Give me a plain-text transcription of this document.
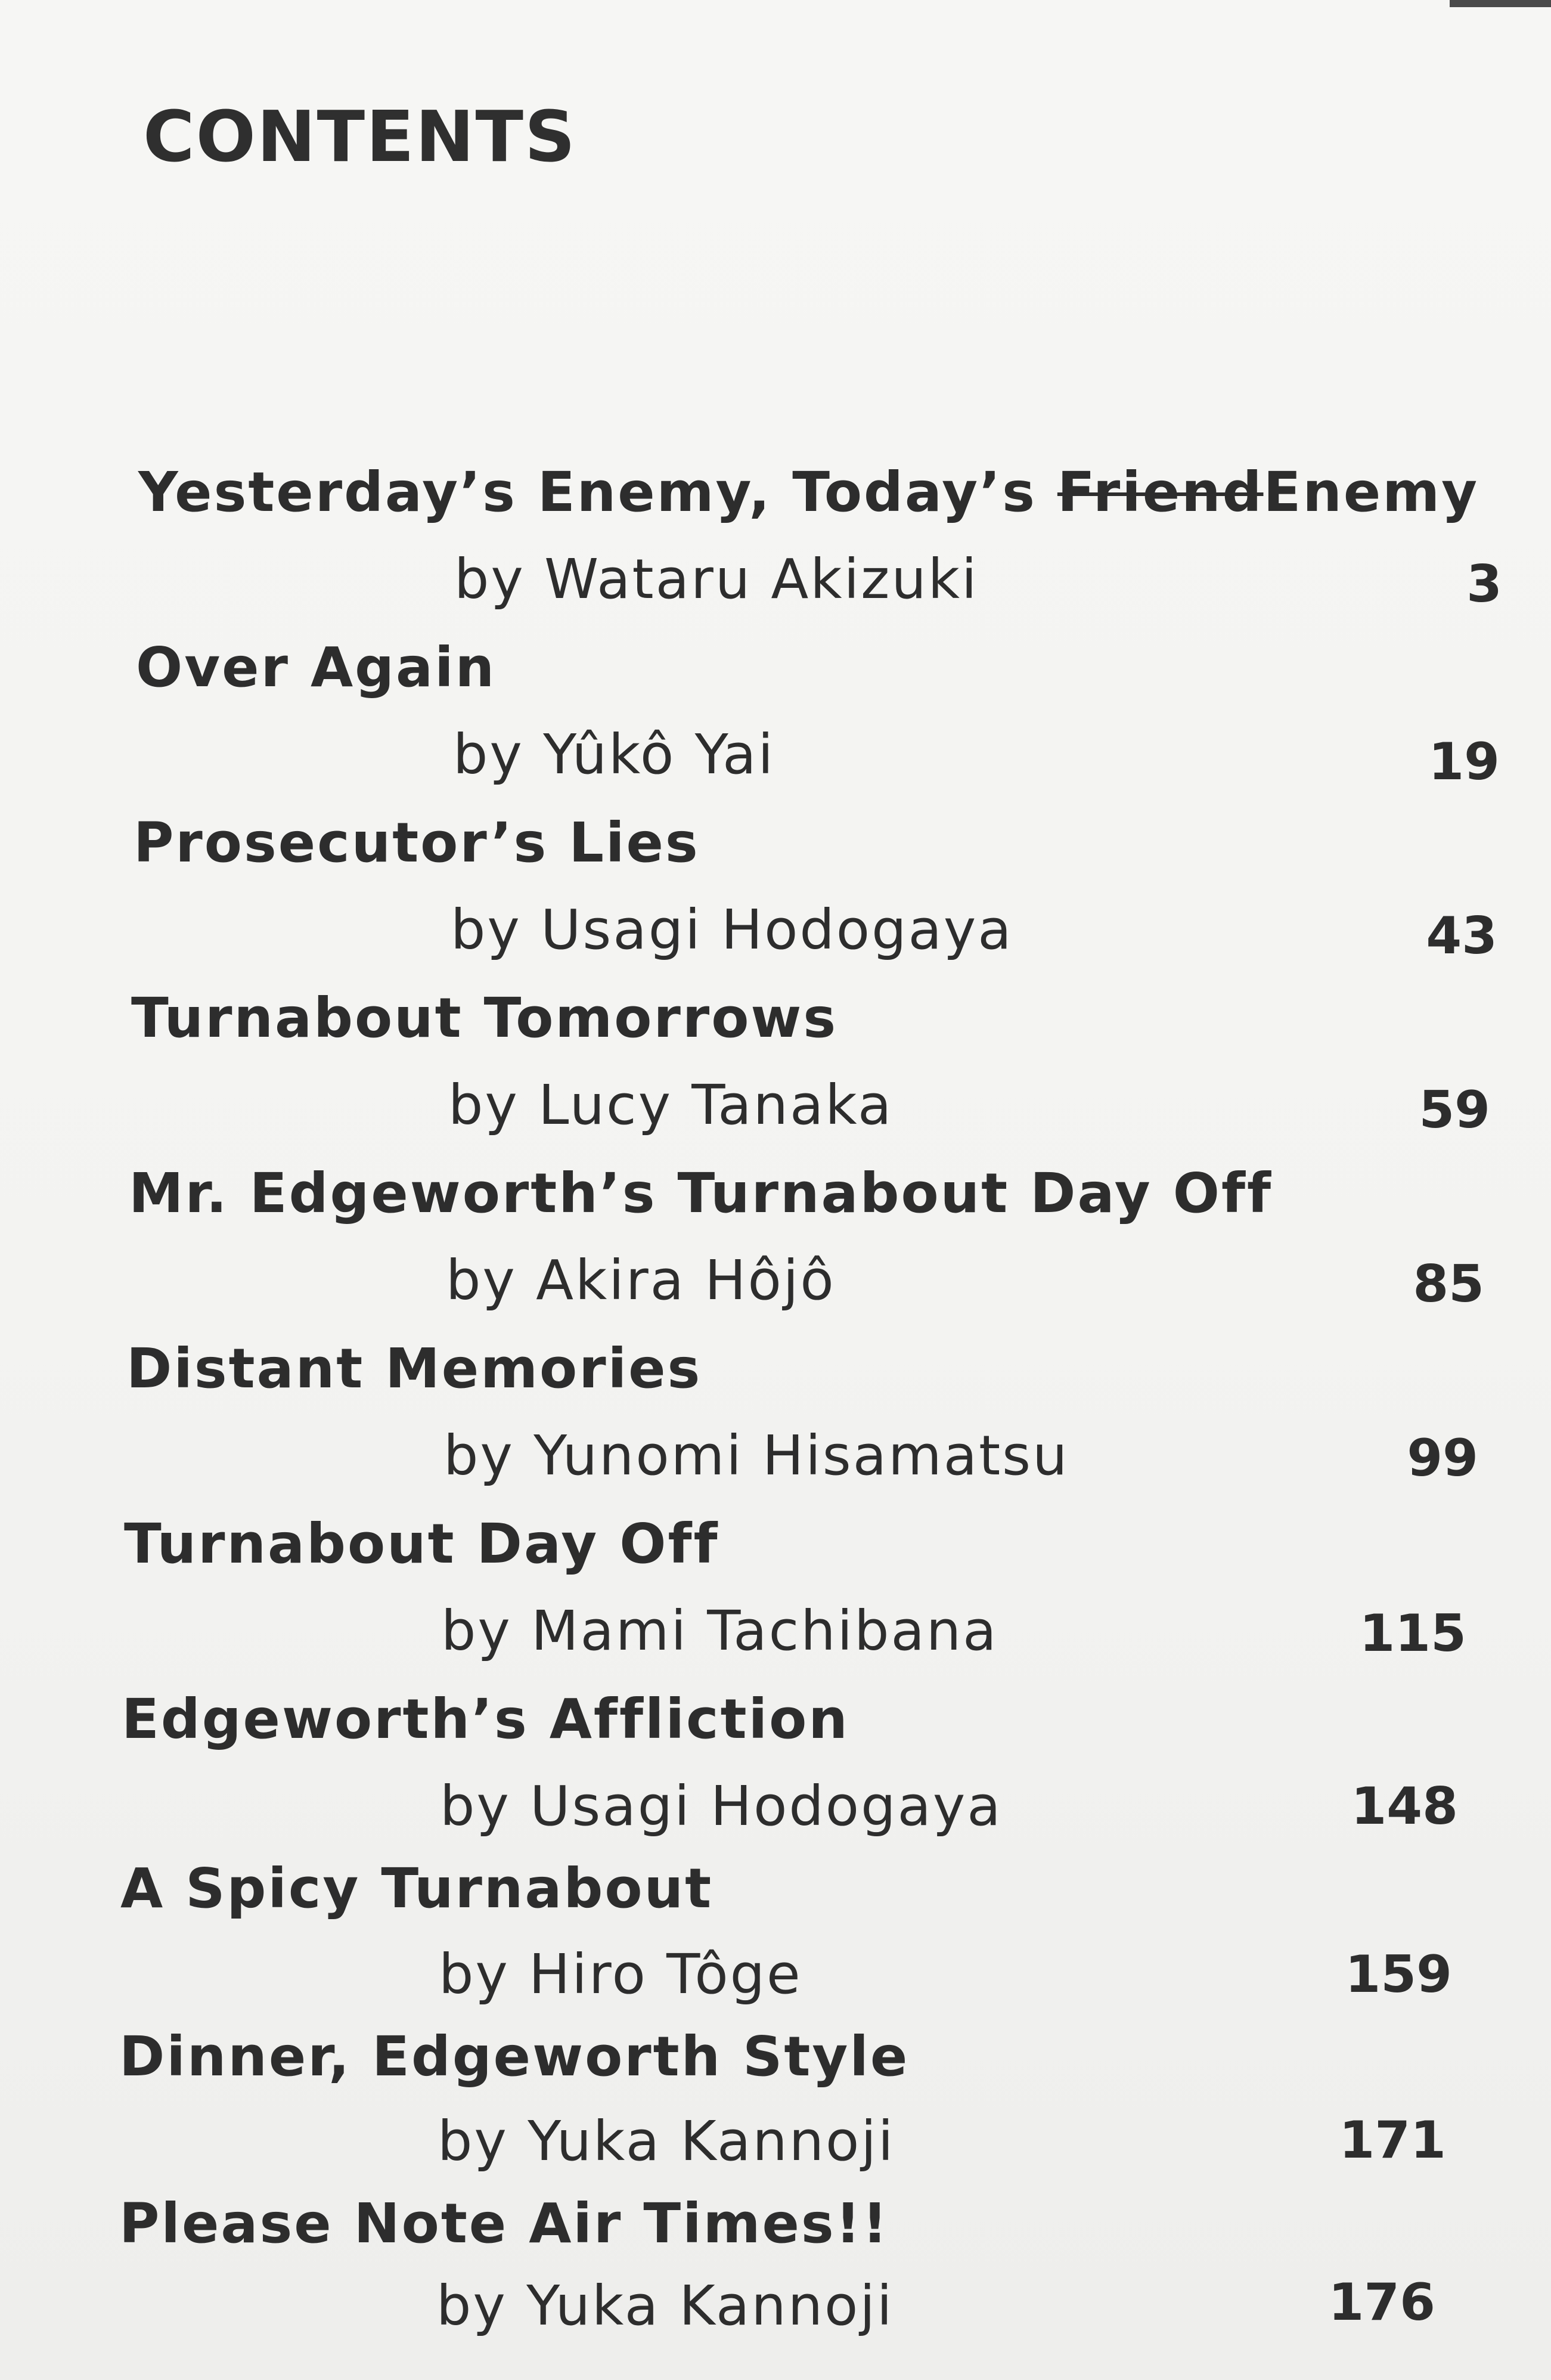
CONTENTS
Yesterday’s Enemy, Today’s FriendEnemy
by Wataru Akizuki	3
Over Again
by Yûkô Yai	19
Prosecutor’s Lies
by Usagi Hodogaya	43
Turnabout Tomorrows
by Lucy Tanaka	59
Mr. Edgeworth’s Turnabout Day Off
by Akira Hôjô	85
Distant Memories
by Yunomi Hisamatsu	99
Turnabout Day Off
by Mami Tachibana	115
Edgeworth’s Affliction
by Usagi Hodogaya	148
A Spicy Turnabout
by Hiro Tôge	159
Dinner, Edgeworth Style
by Yuka Kannoji	171
Please Note Air Times!!
by Yuka Kannoji	176
